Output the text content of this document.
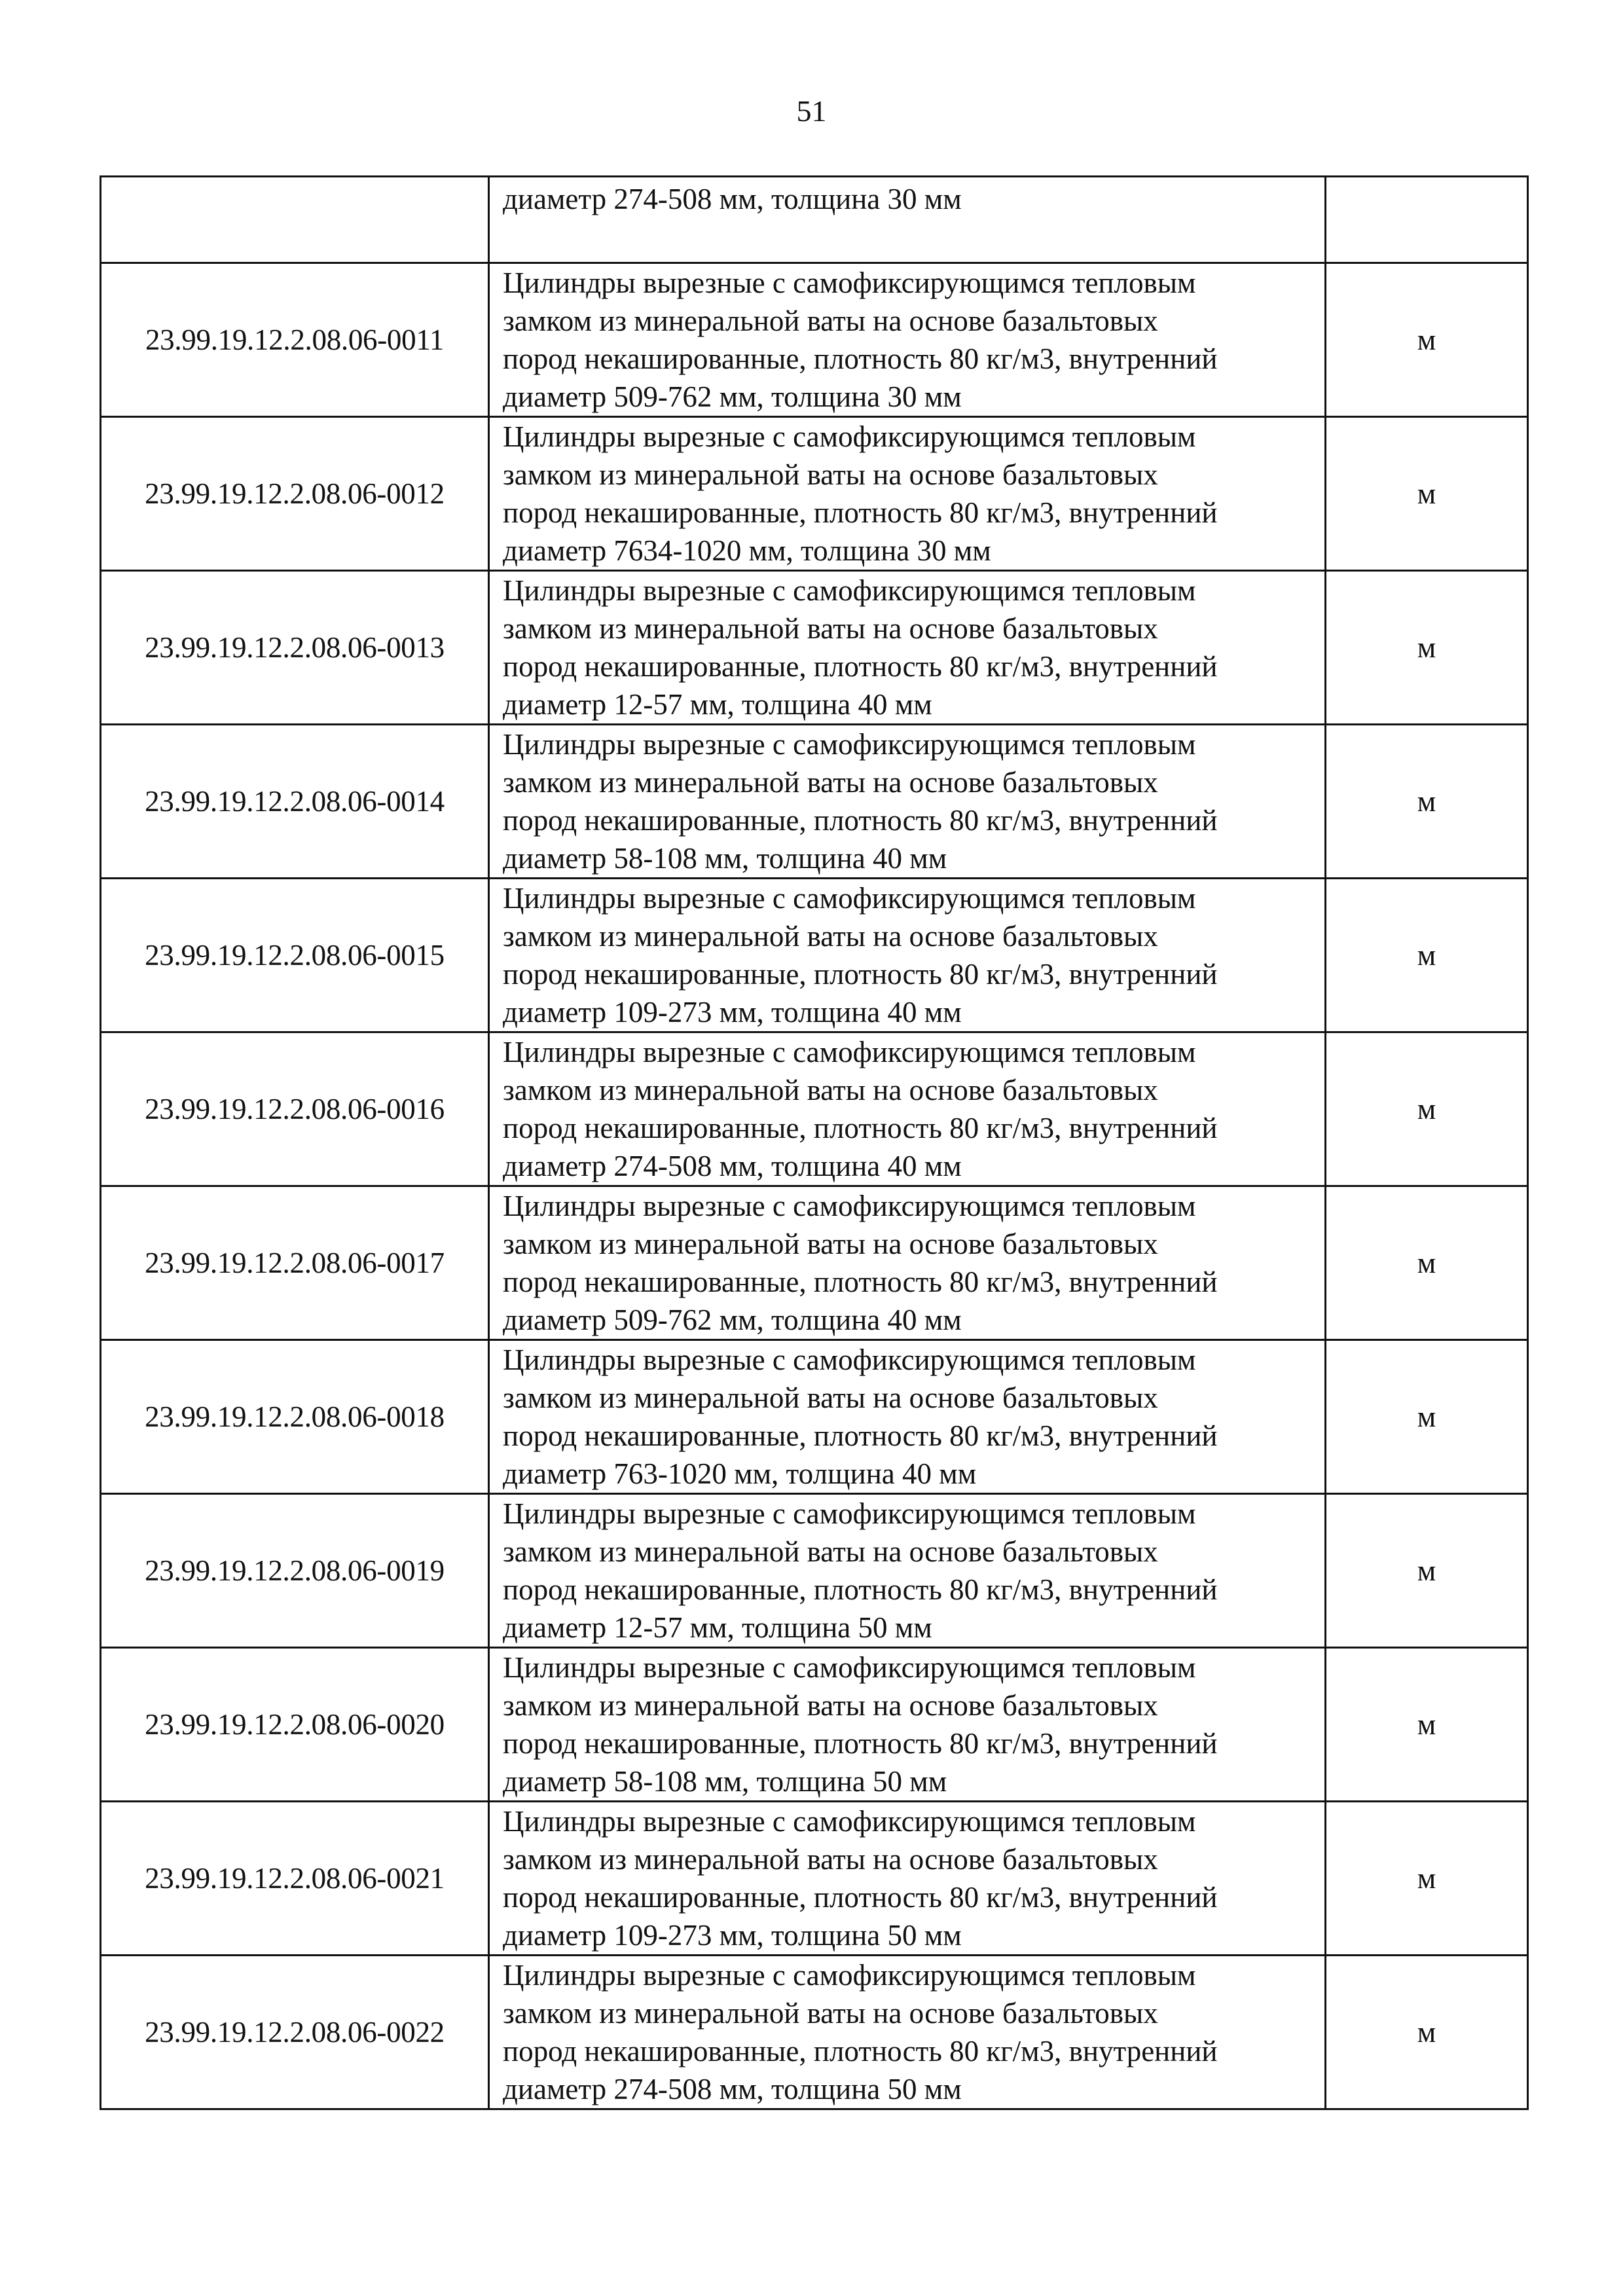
51

	диаметр 274-508 мм, толщина 30 мм	

23.99.19.12.2.08.06-0011	Цилиндры вырезные с самофиксирующимся тепловым
замком из минеральной ваты на основе базальтовых
пород некашированные, плотность 80 кг/м3, внутренний
диаметр 509-762 мм, толщина 30 мм	м
23.99.19.12.2.08.06-0012	Цилиндры вырезные с самофиксирующимся тепловым
замком из минеральной ваты на основе базальтовых
пород некашированные, плотность 80 кг/м3, внутренний
диаметр 7634-1020 мм, толщина 30 мм	м
23.99.19.12.2.08.06-0013	Цилиндры вырезные с самофиксирующимся тепловым
замком из минеральной ваты на основе базальтовых
пород некашированные, плотность 80 кг/м3, внутренний
диаметр 12-57 мм, толщина 40 мм	м
23.99.19.12.2.08.06-0014	Цилиндры вырезные с самофиксирующимся тепловым
замком из минеральной ваты на основе базальтовых
пород некашированные, плотность 80 кг/м3, внутренний
диаметр 58-108 мм, толщина 40 мм	м
23.99.19.12.2.08.06-0015	Цилиндры вырезные с самофиксирующимся тепловым
замком из минеральной ваты на основе базальтовых
пород некашированные, плотность 80 кг/м3, внутренний
диаметр 109-273 мм, толщина 40 мм	м
23.99.19.12.2.08.06-0016	Цилиндры вырезные с самофиксирующимся тепловым
замком из минеральной ваты на основе базальтовых
пород некашированные, плотность 80 кг/м3, внутренний
диаметр 274-508 мм, толщина 40 мм	м
23.99.19.12.2.08.06-0017	Цилиндры вырезные с самофиксирующимся тепловым
замком из минеральной ваты на основе базальтовых
пород некашированные, плотность 80 кг/м3, внутренний
диаметр 509-762 мм, толщина 40 мм	м
23.99.19.12.2.08.06-0018	Цилиндры вырезные с самофиксирующимся тепловым
замком из минеральной ваты на основе базальтовых
пород некашированные, плотность 80 кг/м3, внутренний
диаметр 763-1020 мм, толщина 40 мм	м
23.99.19.12.2.08.06-0019	Цилиндры вырезные с самофиксирующимся тепловым
замком из минеральной ваты на основе базальтовых
пород некашированные, плотность 80 кг/м3, внутренний
диаметр 12-57 мм, толщина 50 мм	м
23.99.19.12.2.08.06-0020	Цилиндры вырезные с самофиксирующимся тепловым
замком из минеральной ваты на основе базальтовых
пород некашированные, плотность 80 кг/м3, внутренний
диаметр 58-108 мм, толщина 50 мм	м
23.99.19.12.2.08.06-0021	Цилиндры вырезные с самофиксирующимся тепловым
замком из минеральной ваты на основе базальтовых
пород некашированные, плотность 80 кг/м3, внутренний
диаметр 109-273 мм, толщина 50 мм	м
23.99.19.12.2.08.06-0022	Цилиндры вырезные с самофиксирующимся тепловым
замком из минеральной ваты на основе базальтовых
пород некашированные, плотность 80 кг/м3, внутренний
диаметр 274-508 мм, толщина 50 мм	м
